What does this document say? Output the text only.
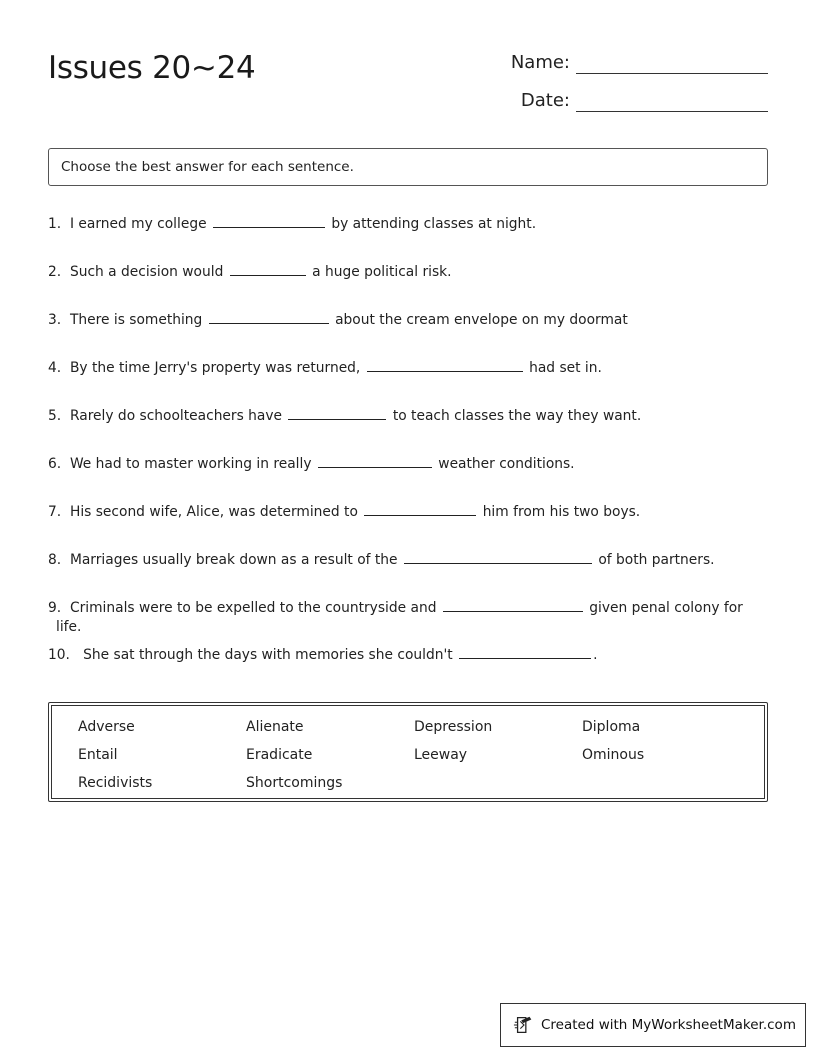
Issues 20~24	Name:
Date:
Choose the best answer for each sentence.
1. I earned my college	by attending classes at night.
2. Such a decision would	a huge political risk.
3. There is something	about the cream envelope on my doormat
4. By the time Jerry's property was returned,	had set in.
5. Rarely do schoolteachers have	to teach classes the way they want.
6. We had to master working in really	weather conditions.
7. His second wife, Alice, was determined to	him from his two boys.
8. Marriages usually break down as a result of the	of both partners.
9. Criminals were to be expelled to the countryside and	given penal colony for
life.
10. She sat through the days with memories she couldn't	.
Adverse	Alienate	Depression	Diploma
Entail	Eradicate	Leeway	Ominous
Recidivists	Shortcomings
Created with MyWorksheetMaker.com
